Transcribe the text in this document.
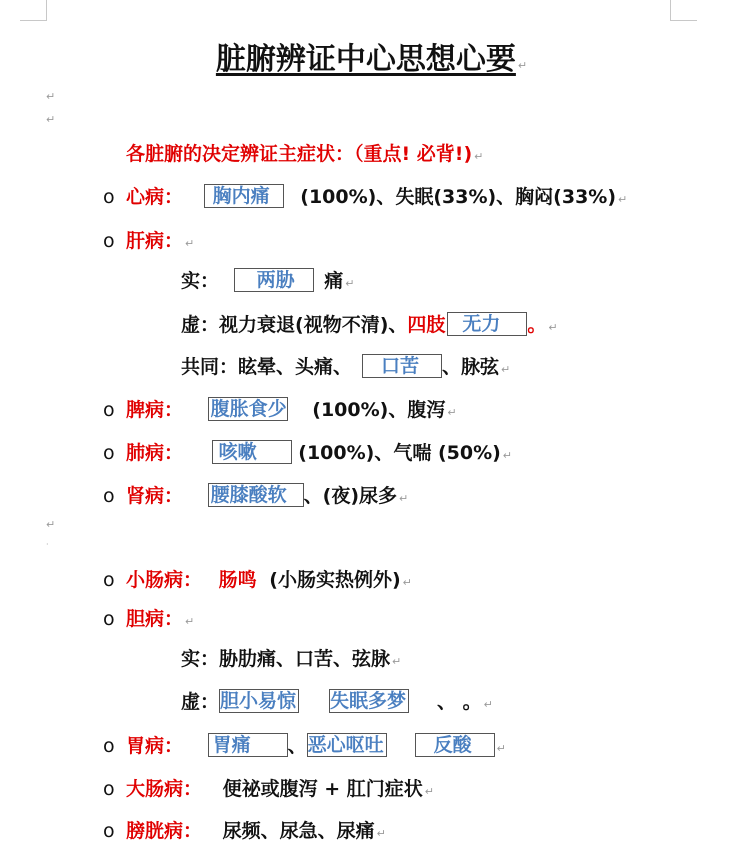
脏腑辨证中心思想心要 ↵
↵
↵
各脏腑的决定辨证主症状：（重点! 必背!) ↵
o 心病： 胸内痛 (100%)、失眠(33%)、胸闷(33%) ↵
o 肝病： ↵
实： 两胁 痛 ↵
虚：视力衰退(视物不清)、四肢 无力 。 ↵
共同：眩晕、头痛、 口苦 、脉弦 ↵
o 脾病： 腹胀食少 (100%)、腹泻 ↵
o 肺病： 咳嗽 (100%)、气喘 (50%) ↵
o 肾病： 腰膝酸软 、(夜)尿多 ↵
↵
·
o 小肠病： 肠鸣 (小肠实热例外) ↵
o 胆病： ↵
实：胁肋痛、口苦、弦脉 ↵
虚：胆小易惊 失眠多梦 、 。 ↵
o 胃病： 胃痛 、恶心呕吐	反酸 ↵
o 大肠病： 便祕或腹泻 + 肛门症状 ↵
o 膀胱病： 尿频、尿急、尿痛 ↵
